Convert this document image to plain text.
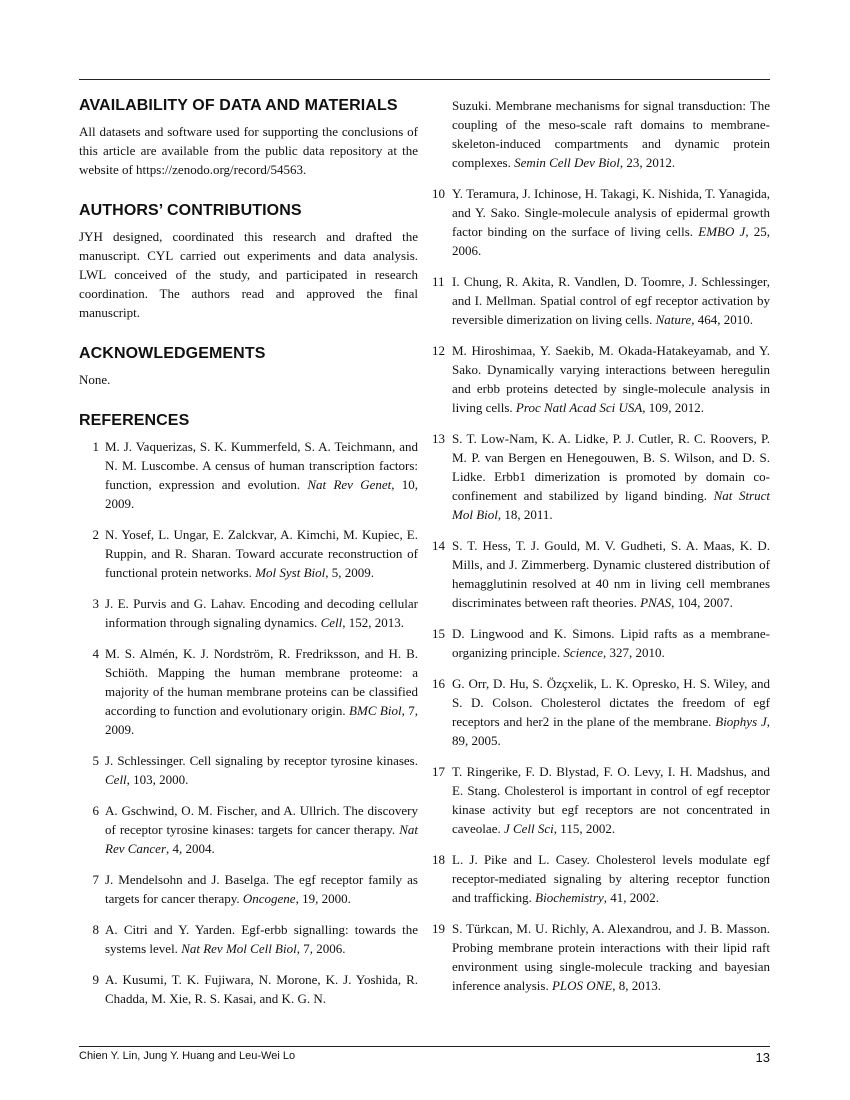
AVAILABILITY OF DATA AND MATERIALS

All datasets and software used for supporting the conclusions of this article are available from the public data repository at the website of https://zenodo.org/record/54563.

AUTHORS’ CONTRIBUTIONS

JYH designed, coordinated this research and drafted the manuscript. CYL carried out experiments and data analysis. LWL conceived of the study, and participated in research coordination. The authors read and approved the final manuscript.

ACKNOWLEDGEMENTS

None.

REFERENCES
1 M. J. Vaquerizas, S. K. Kummerfeld, S. A. Teichmann, and N. M. Luscombe. A census of human transcription factors: function, expression and evolution. Nat Rev Genet, 10, 2009.
2 N. Yosef, L. Ungar, E. Zalckvar, A. Kimchi, M. Kupiec, E. Ruppin, and R. Sharan. Toward accurate reconstruction of functional protein networks. Mol Syst Biol, 5, 2009.
3 J. E. Purvis and G. Lahav. Encoding and decoding cellular information through signaling dynamics. Cell, 152, 2013.
4 M. S. Almén, K. J. Nordström, R. Fredriksson, and H. B. Schiöth. Mapping the human membrane proteome: a majority of the human membrane proteins can be classified according to function and evolutionary origin. BMC Biol, 7, 2009.
5 J. Schlessinger. Cell signaling by receptor tyrosine kinases. Cell, 103, 2000.
6 A. Gschwind, O. M. Fischer, and A. Ullrich. The discovery of receptor tyrosine kinases: targets for cancer therapy. Nat Rev Cancer, 4, 2004.
7 J. Mendelsohn and J. Baselga. The egf receptor family as targets for cancer therapy. Oncogene, 19, 2000.
8 A. Citri and Y. Yarden. Egf-erbb signalling: towards the systems level. Nat Rev Mol Cell Biol, 7, 2006.
9 A. Kusumi, T. K. Fujiwara, N. Morone, K. J. Yoshida, R. Chadda, M. Xie, R. S. Kasai, and K. G. N.
Suzuki. Membrane mechanisms for signal transduction: The coupling of the meso-scale raft domains to membrane-skeleton-induced compartments and dynamic protein complexes. Semin Cell Dev Biol, 23, 2012.
10 Y. Teramura, J. Ichinose, H. Takagi, K. Nishida, T. Yanagida, and Y. Sako. Single-molecule analysis of epidermal growth factor binding on the surface of living cells. EMBO J, 25, 2006.
11 I. Chung, R. Akita, R. Vandlen, D. Toomre, J. Schlessinger, and I. Mellman. Spatial control of egf receptor activation by reversible dimerization on living cells. Nature, 464, 2010.
12 M. Hiroshimaa, Y. Saekib, M. Okada-Hatakeyamab, and Y. Sako. Dynamically varying interactions between heregulin and erbb proteins detected by single-molecule analysis in living cells. Proc Natl Acad Sci USA, 109, 2012.
13 S. T. Low-Nam, K. A. Lidke, P. J. Cutler, R. C. Roovers, P. M. P. van Bergen en Henegouwen, B. S. Wilson, and D. S. Lidke. Erbb1 dimerization is promoted by domain co-confinement and stabilized by ligand binding. Nat Struct Mol Biol, 18, 2011.
14 S. T. Hess, T. J. Gould, M. V. Gudheti, S. A. Maas, K. D. Mills, and J. Zimmerberg. Dynamic clustered distribution of hemagglutinin resolved at 40 nm in living cell membranes discriminates between raft theories. PNAS, 104, 2007.
15 D. Lingwood and K. Simons. Lipid rafts as a membrane-organizing principle. Science, 327, 2010.
16 G. Orr, D. Hu, S. Özçxelik, L. K. Opresko, H. S. Wiley, and S. D. Colson. Cholesterol dictates the freedom of egf receptors and her2 in the plane of the membrane. Biophys J, 89, 2005.
17 T. Ringerike, F. D. Blystad, F. O. Levy, I. H. Madshus, and E. Stang. Cholesterol is important in control of egf receptor kinase activity but egf receptors are not concentrated in caveolae. J Cell Sci, 115, 2002.
18 L. J. Pike and L. Casey. Cholesterol levels modulate egf receptor-mediated signaling by altering receptor function and trafficking. Biochemistry, 41, 2002.
19 S. Türkcan, M. U. Richly, A. Alexandrou, and J. B. Masson. Probing membrane protein interactions with their lipid raft environment using single-molecule tracking and bayesian inference analysis. PLOS ONE, 8, 2013.
Chien Y. Lin, Jung Y. Huang and Leu-Wei Lo	13
